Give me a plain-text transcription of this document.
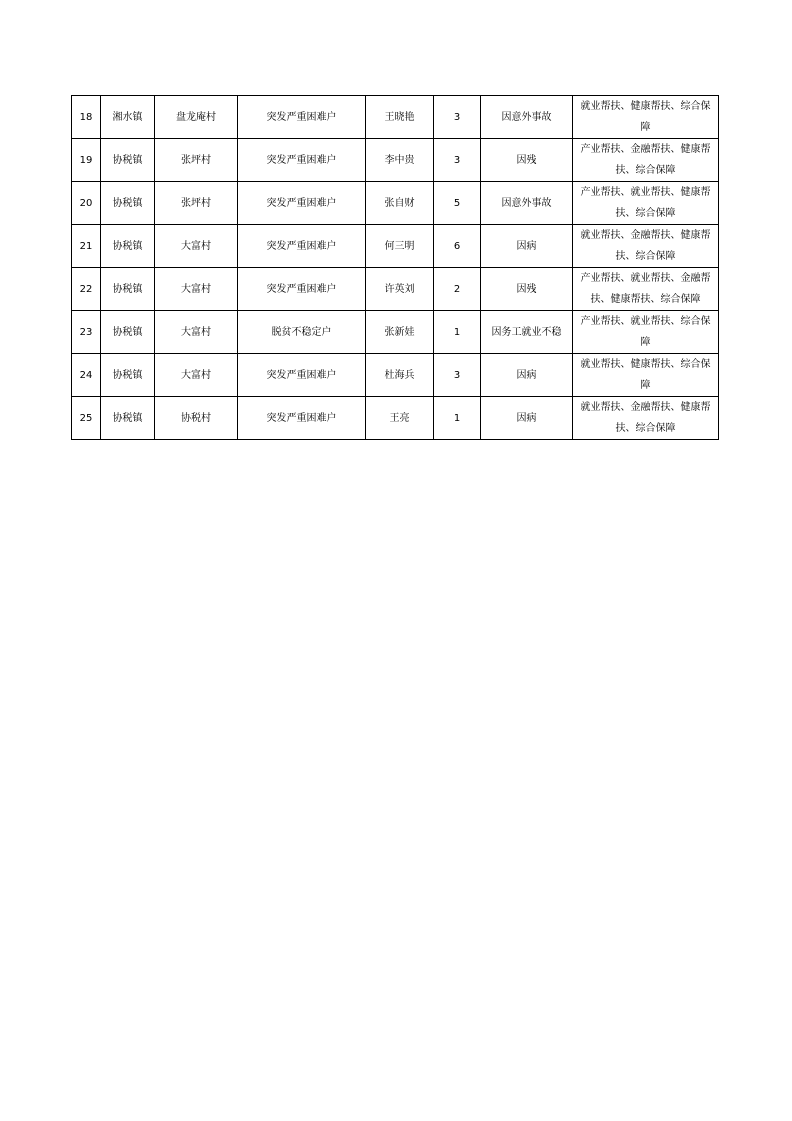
18	湘水镇	盘龙庵村	突发严重困难户	王晓艳	3	因意外事故	就业帮扶、健康帮扶、综合保障
19	协税镇	张坪村	突发严重困难户	李中贵	3	因残	产业帮扶、金融帮扶、健康帮扶、综合保障
20	协税镇	张坪村	突发严重困难户	张自财	5	因意外事故	产业帮扶、就业帮扶、健康帮扶、综合保障
21	协税镇	大富村	突发严重困难户	何三明	6	因病	就业帮扶、金融帮扶、健康帮扶、综合保障
22	协税镇	大富村	突发严重困难户	许英刘	2	因残	产业帮扶、就业帮扶、金融帮扶、健康帮扶、综合保障
23	协税镇	大富村	脱贫不稳定户	张新娃	1	因务工就业不稳	产业帮扶、就业帮扶、综合保障
24	协税镇	大富村	突发严重困难户	杜海兵	3	因病	就业帮扶、健康帮扶、综合保障
25	协税镇	协税村	突发严重困难户	王亮	1	因病	就业帮扶、金融帮扶、健康帮扶、综合保障
